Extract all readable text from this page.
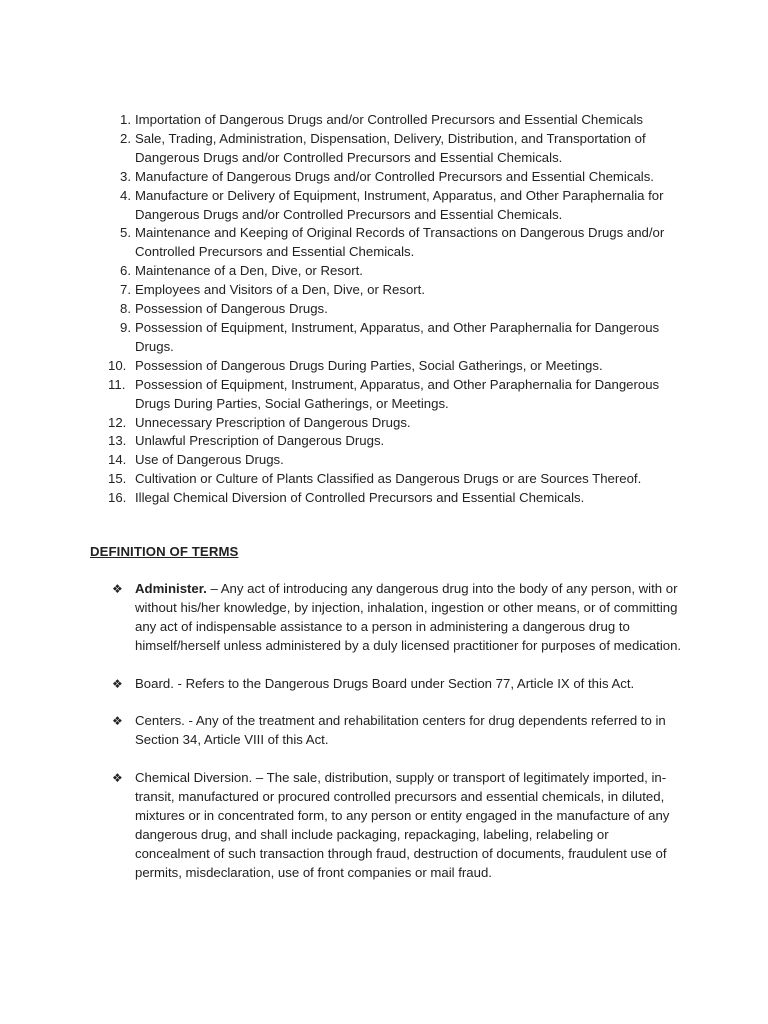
1. Importation of Dangerous Drugs and/or Controlled Precursors and Essential Chemicals
2. Sale, Trading, Administration, Dispensation, Delivery, Distribution, and Transportation of Dangerous Drugs and/or Controlled Precursors and Essential Chemicals.
3. Manufacture of Dangerous Drugs and/or Controlled Precursors and Essential Chemicals.
4. Manufacture or Delivery of Equipment, Instrument, Apparatus, and Other Paraphernalia for Dangerous Drugs and/or Controlled Precursors and Essential Chemicals.
5. Maintenance and Keeping of Original Records of Transactions on Dangerous Drugs and/or Controlled Precursors and Essential Chemicals.
6. Maintenance of a Den, Dive, or Resort.
7. Employees and Visitors of a Den, Dive, or Resort.
8. Possession of Dangerous Drugs.
9. Possession of Equipment, Instrument, Apparatus, and Other Paraphernalia for Dangerous Drugs.
10. Possession of Dangerous Drugs During Parties, Social Gatherings, or Meetings.
11. Possession of Equipment, Instrument, Apparatus, and Other Paraphernalia for Dangerous Drugs During Parties, Social Gatherings, or Meetings.
12. Unnecessary Prescription of Dangerous Drugs.
13. Unlawful Prescription of Dangerous Drugs.
14. Use of Dangerous Drugs.
15. Cultivation or Culture of Plants Classified as Dangerous Drugs or are Sources Thereof.
16. Illegal Chemical Diversion of Controlled Precursors and Essential Chemicals.
DEFINITION OF TERMS
❖ Administer. – Any act of introducing any dangerous drug into the body of any person, with or without his/her knowledge, by injection, inhalation, ingestion or other means, or of committing any act of indispensable assistance to a person in administering a dangerous drug to himself/herself unless administered by a duly licensed practitioner for purposes of medication.
❖ Board. - Refers to the Dangerous Drugs Board under Section 77, Article IX of this Act.
❖ Centers. - Any of the treatment and rehabilitation centers for drug dependents referred to in Section 34, Article VIII of this Act.
❖ Chemical Diversion. – The sale, distribution, supply or transport of legitimately imported, in-transit, manufactured or procured controlled precursors and essential chemicals, in diluted, mixtures or in concentrated form, to any person or entity engaged in the manufacture of any dangerous drug, and shall include packaging, repackaging, labeling, relabeling or concealment of such transaction through fraud, destruction of documents, fraudulent use of permits, misdeclaration, use of front companies or mail fraud.
